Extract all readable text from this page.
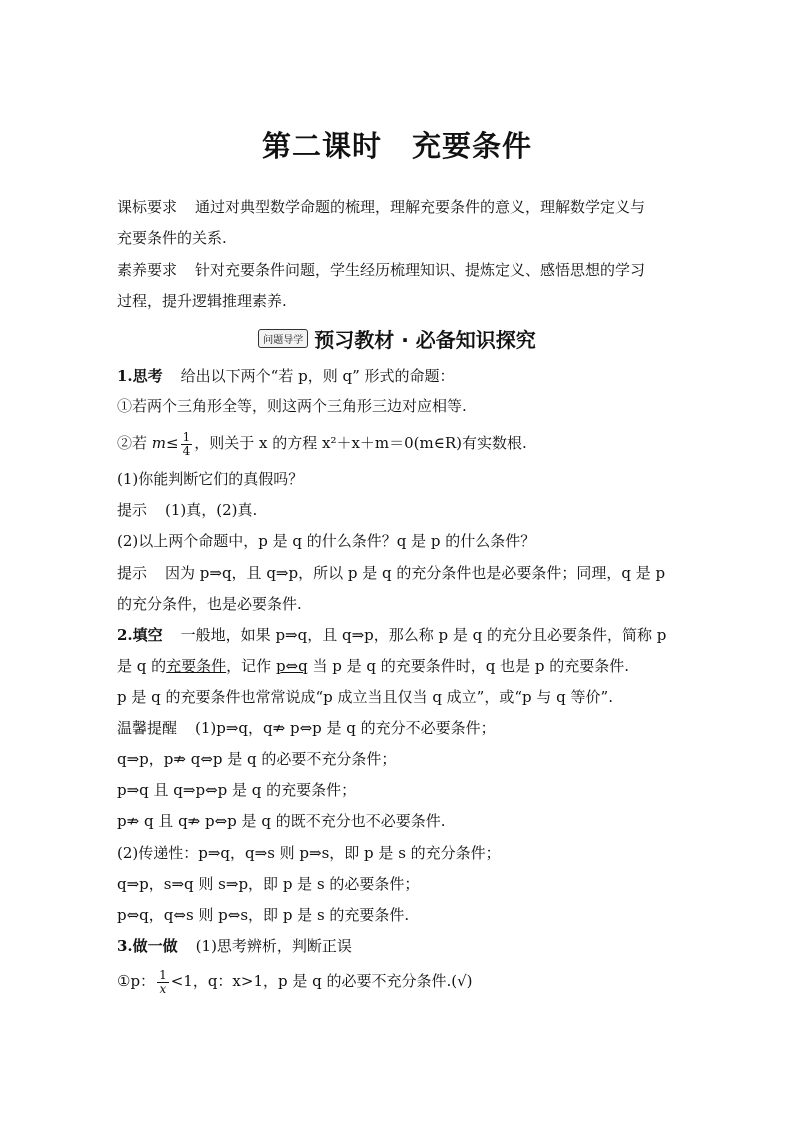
第二课时 充要条件
课标要求 通过对典型数学命题的梳理，理解充要条件的意义，理解数学定义与
充要条件的关系.
素养要求 针对充要条件问题，学生经历梳理知识、提炼定义、感悟思想的学习
过程，提升逻辑推理素养.
问题导学 预习教材 · 必备知识探究
1.思考 给出以下两个“若 p，则 q” 形式的命题：
①若两个三角形全等，则这两个三角形三边对应相等.
②若 $m\le \frac{1}{4}$ ，则关于 x 的方程 x²＋x＋m＝0(m∈R)有实数根.
(1)你能判断它们的真假吗？
提示 (1)真，(2)真.
(2)以上两个命题中，p 是 q 的什么条件？q 是 p 的什么条件？
提示 因为 p⇒q，且 q⇒p，所以 p 是 q 的充分条件也是必要条件；同理，q 是 p
的充分条件，也是必要条件.
2.填空 一般地，如果 p⇒q，且 q⇒p，那么称 p 是 q 的充分且必要条件，简称 p
是 q 的充要条件，记作 p⇔q 当 p 是 q 的充要条件时，q 也是 p 的充要条件.
p 是 q 的充要条件也常常说成“p 成立当且仅当 q 成立”，或“p 与 q 等价”.
温馨提醒 (1)p⇒q，q⇏ p⇔p 是 q 的充分不必要条件；
q⇒p，p⇏ q⇔p 是 q 的必要不充分条件；
p⇒q 且 q⇒p⇔p 是 q 的充要条件；
p⇏ q 且 q⇏ p⇔p 是 q 的既不充分也不必要条件.
(2)传递性：p⇒q，q⇒s 则 p⇒s，即 p 是 s 的充分条件；
q⇒p，s⇒q 则 s⇒p，即 p 是 s 的必要条件；
p⇔q，q⇔s 则 p⇔s，即 p 是 s 的充要条件.
3.做一做 (1)思考辨析，判断正误
①p： $\frac{1}{x} <1$，q：x>1，p 是 q 的必要不充分条件.(√)
